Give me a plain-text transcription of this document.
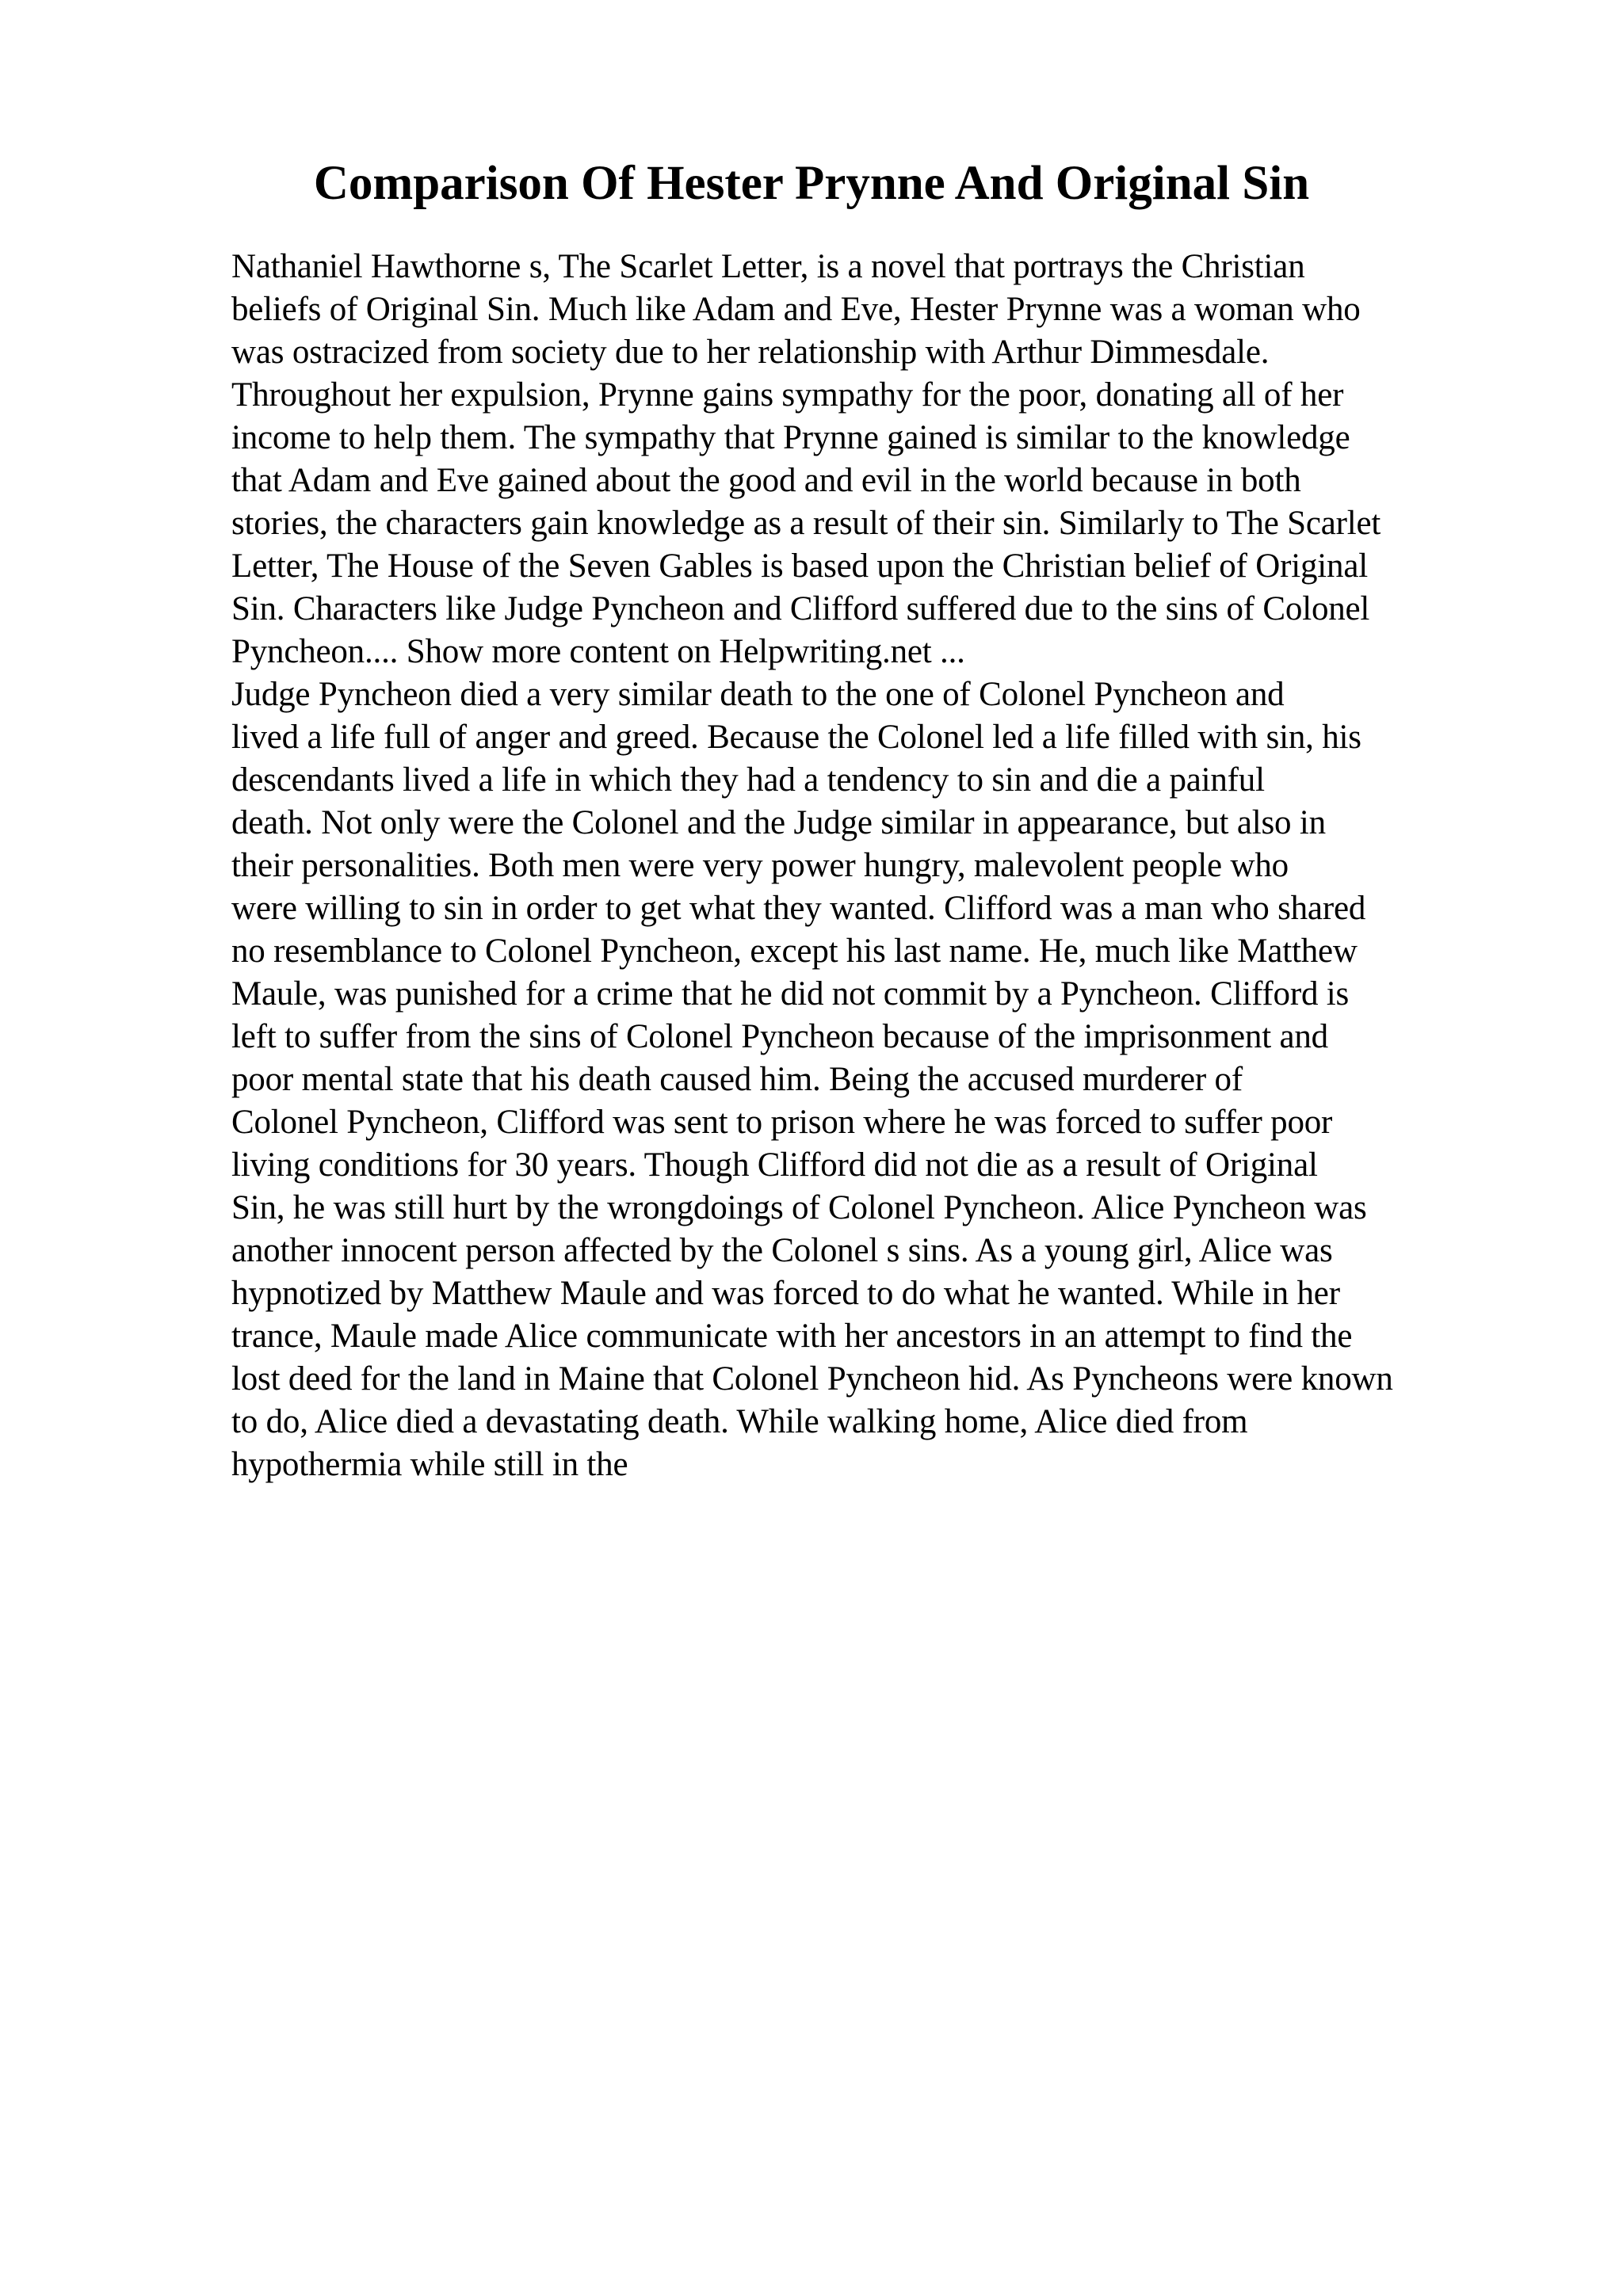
Comparison Of Hester Prynne And Original Sin
Nathaniel Hawthorne s, The Scarlet Letter, is a novel that portrays the Christian
beliefs of Original Sin. Much like Adam and Eve, Hester Prynne was a woman who
was ostracized from society due to her relationship with Arthur Dimmesdale.
Throughout her expulsion, Prynne gains sympathy for the poor, donating all of her
income to help them. The sympathy that Prynne gained is similar to the knowledge
that Adam and Eve gained about the good and evil in the world because in both
stories, the characters gain knowledge as a result of their sin. Similarly to The Scarlet
Letter, The House of the Seven Gables is based upon the Christian belief of Original
Sin. Characters like Judge Pyncheon and Clifford suffered due to the sins of Colonel
Pyncheon.... Show more content on Helpwriting.net ...
Judge Pyncheon died a very similar death to the one of Colonel Pyncheon and
lived a life full of anger and greed. Because the Colonel led a life filled with sin, his
descendants lived a life in which they had a tendency to sin and die a painful
death. Not only were the Colonel and the Judge similar in appearance, but also in
their personalities. Both men were very power hungry, malevolent people who
were willing to sin in order to get what they wanted. Clifford was a man who shared
no resemblance to Colonel Pyncheon, except his last name. He, much like Matthew
Maule, was punished for a crime that he did not commit by a Pyncheon. Clifford is
left to suffer from the sins of Colonel Pyncheon because of the imprisonment and
poor mental state that his death caused him. Being the accused murderer of
Colonel Pyncheon, Clifford was sent to prison where he was forced to suffer poor
living conditions for 30 years. Though Clifford did not die as a result of Original
Sin, he was still hurt by the wrongdoings of Colonel Pyncheon. Alice Pyncheon was
another innocent person affected by the Colonel s sins. As a young girl, Alice was
hypnotized by Matthew Maule and was forced to do what he wanted. While in her
trance, Maule made Alice communicate with her ancestors in an attempt to find the
lost deed for the land in Maine that Colonel Pyncheon hid. As Pyncheons were known
to do, Alice died a devastating death. While walking home, Alice died from
hypothermia while still in the
